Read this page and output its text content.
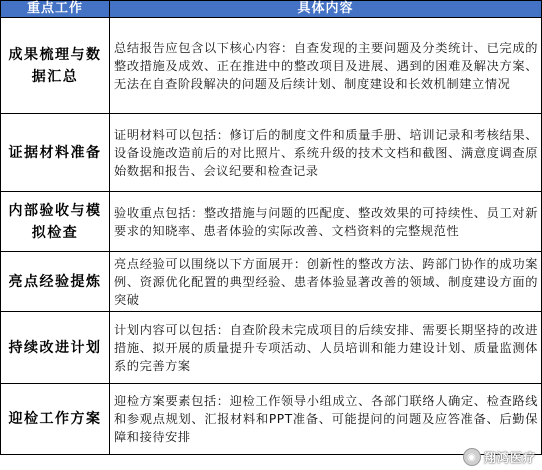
重点工作	具体内容
成果梳理与数据汇总	总结报告应包含以下核心内容：自查发现的主要问题及分类统计、已完成的整改措施及成效、正在推进中的整改项目及进展、遇到的困难及解决方案、无法在自查阶段解决的问题及后续计划、制度建设和长效机制建立情况
证据材料准备	证明材料可以包括：修订后的制度文件和质量手册、培训记录和考核结果、设备设施改造前后的对比照片、系统升级的技术文档和截图、满意度调查原始数据和报告、会议纪要和检查记录
内部验收与模拟检查	验收重点包括：整改措施与问题的匹配度、整改效果的可持续性、员工对新要求的知晓率、患者体验的实际改善、文档资料的完整规范性
亮点经验提炼	亮点经验可以围绕以下方面展开：创新性的整改方法、跨部门协作的成功案例、资源优化配置的典型经验、患者体验显著改善的领域、制度建设方面的突破
持续改进计划	计划内容可以包括：自查阶段未完成项目的后续安排、需要长期坚持的改进措施、拟开展的质量提升专项活动、人员培训和能力建设计划、质量监测体系的完善方案
迎检工作方案	迎检方案要素包括：迎检工作领导小组成立、各部门联络人确定、检查路线和参观点规划、汇报材料和PPT准备、可能提问的问题及应答准备、后勤保障和接待安排
◉ 翔鸿医疗
